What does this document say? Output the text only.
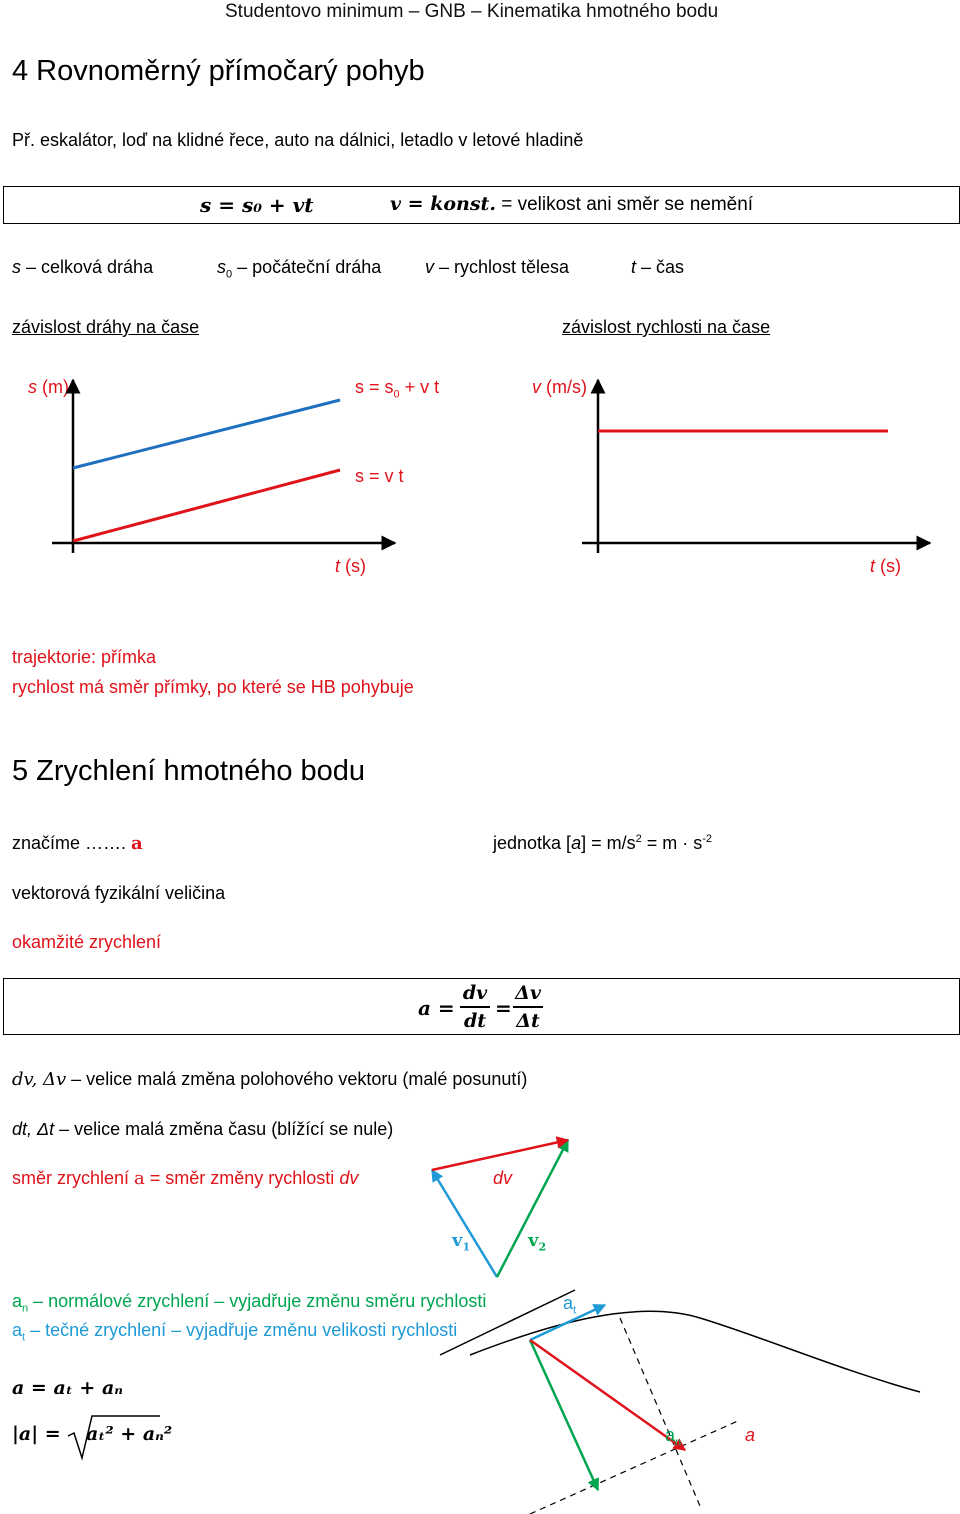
Studentovo minimum – GNB – Kinematika hmotného bodu
4 Rovnoměrný přímočarý pohyb
Př. eskalátor, loď na klidné řece, auto na dálnici, letadlo v letové hladině
s = s₀ + vt	v = konst. = velikost ani směr se nemění
s – celková dráha	$s_0$ – počáteční dráha v – rychlost tělesa	t – čas
závislost dráhy na čase	závislost rychlosti na čase
s (m)	$s = s_0 + v$ t
s = v t
t (s)
v (m/s)
t (s)
trajektorie: přímka
rychlost má směr přímky, po které se HB pohybuje
5 Zrychlení hmotného bodu
značíme ……. a	jednotka $[a] = m/s^2 = m \cdot s^{-2}$
vektorová fyzikální veličina
okamžité zrychlení
a =
dv
dt
=
Δv
Δt
dv, Δv – velice malá změna polohového vektoru (malé posunutí)
dt, Δt – velice malá změna času (blížící se nule)
směr zrychlení a = směr změny rychlosti dv	dv
$v_1$	$v_2$
$a_n$ – normálové zrychlení – vyjadřuje změnu směru rychlosti
$a_t$ – tečné zrychlení – vyjadřuje změnu velikosti rychlosti
$a_t$
$a_n$	a
a = aₜ + aₙ
|a| = aₜ² + aₙ²
